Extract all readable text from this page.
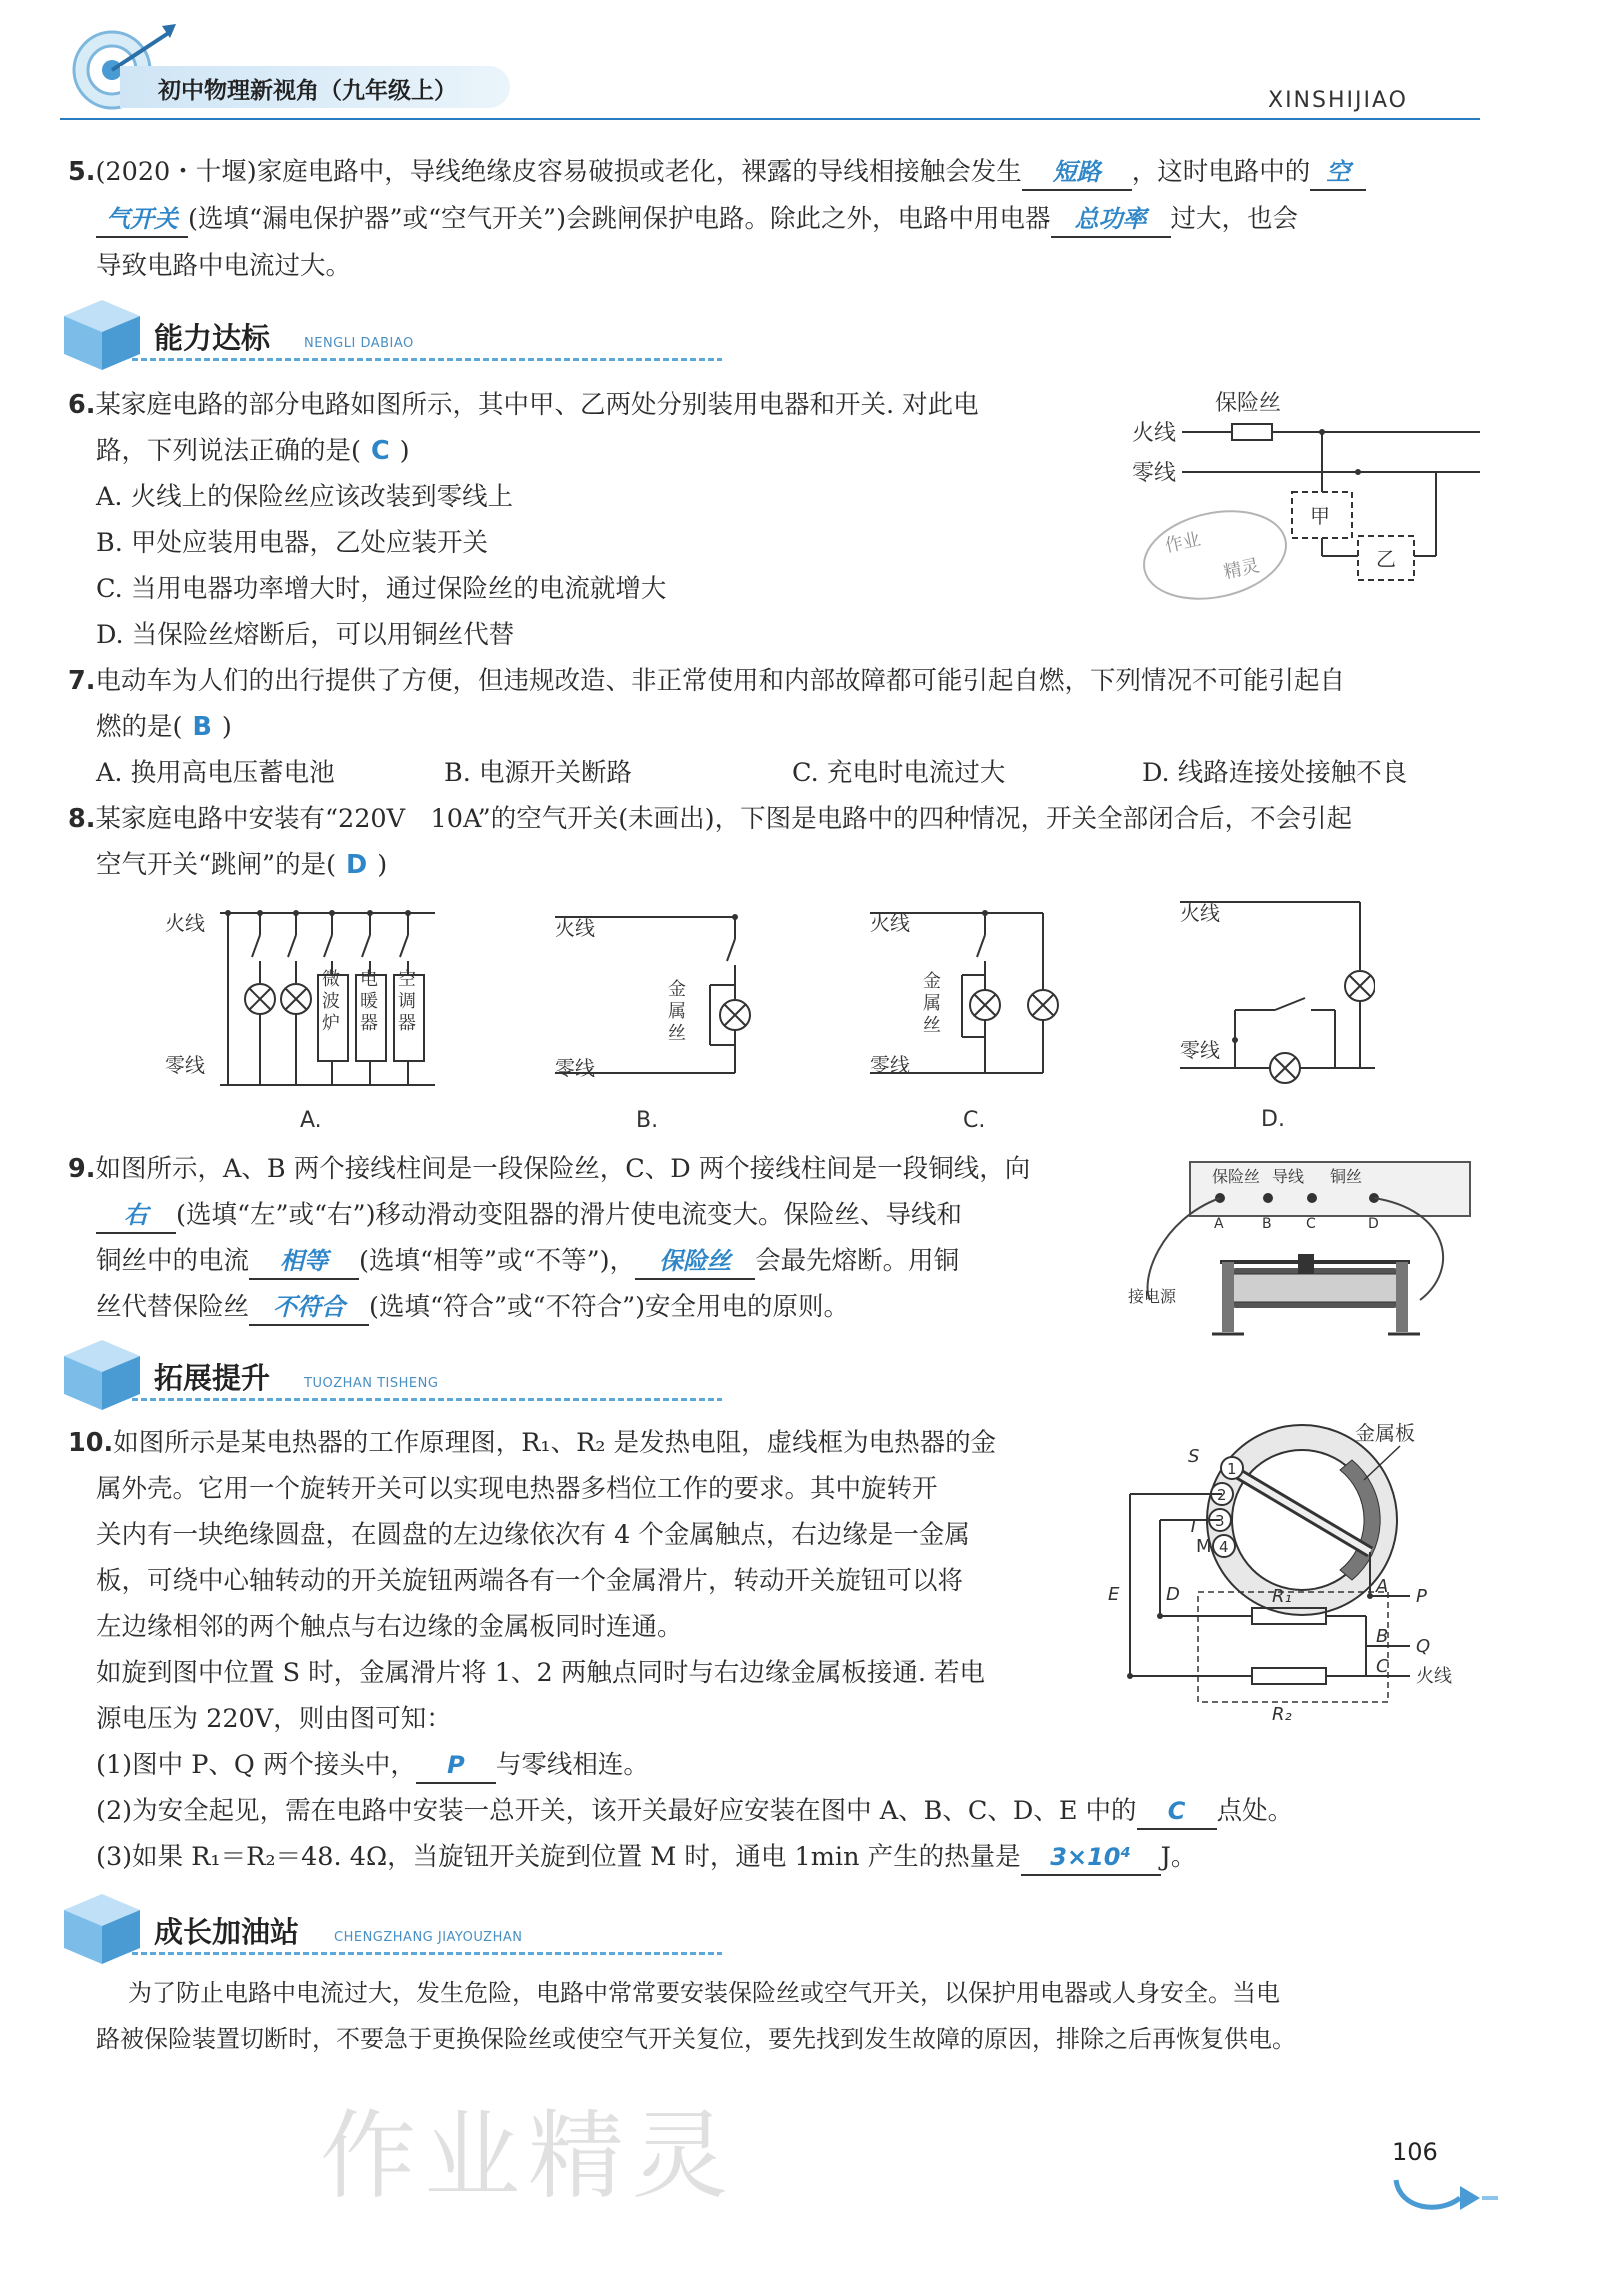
初中物理新视角（九年级上）	XINSHIJIAO
5.(2020・十堰)家庭电路中，导线绝缘皮容易破损或老化，裸露的导线相接触会发生 短路 ，这时电路中的 空
气开关 (选填“漏电保护器”或“空气开关”)会跳闸保护电路。除此之外，电路中用电器 总功率 过大，也会
导致电路中电流过大。
能力达标	NENGLI DABIAO
6.某家庭电路的部分电路如图所示，其中甲、乙两处分别装用电器和开关. 对此电
路，下列说法正确的是( C )
A. 火线上的保险丝应该改装到零线上
B. 甲处应装用电器，乙处应装开关
C. 当用电器功率增大时，通过保险丝的电流就增大
D. 当保险丝熔断后，可以用铜丝代替
保险丝
火线
零线
甲
乙
作业
精灵
7.电动车为人们的出行提供了方便，但违规改造、非正常使用和内部故障都可能引起自燃，下列情况不可能引起自
燃的是( B )
A. 换用高电压蓄电池	B. 电源开关断路	C. 充电时电流过大	D. 线路连接处接触不良
8.某家庭电路中安装有“220V　10A”的空气开关(未画出)，下图是电路中的四种情况，开关全部闭合后，不会引起
空气开关“跳闸”的是( D )
火线
零线
微波炉
电暖器
空调器
A.
火线
零线
金属丝
B.
火线
零线
金属丝
C.
火线
零线
D.
9.如图所示，A、B 两个接线柱间是一段保险丝，C、D 两个接线柱间是一段铜线，向
右 (选填“左”或“右”)移动滑动变阻器的滑片使电流变大。保险丝、导线和
铜丝中的电流 相等 (选填“相等”或“不等”)， 保险丝 会最先熔断。用铜
丝代替保险丝 不符合 (选填“符合”或“不符合”)安全用电的原则。
保险丝 导线 铜丝
A	B C	D
接电源
拓展提升	TUOZHAN TISHENG
10.如图所示是某电热器的工作原理图，R₁、R₂ 是发热电阻，虚线框为电热器的金
属外壳。它用一个旋转开关可以实现电热器多档位工作的要求。其中旋转开
关内有一块绝缘圆盘，在圆盘的左边缘依次有 4 个金属触点，右边缘是一金属
板，可绕中心轴转动的开关旋钮两端各有一个金属滑片，转动开关旋钮可以将
左边缘相邻的两个触点与右边缘的金属板同时连通。
如旋到图中位置 S 时，金属滑片将 1、2 两触点同时与右边缘金属板接通. 若电
源电压为 220V，则由图可知：
(1)图中 P、Q 两个接头中， P 与零线相连。
(2)为安全起见，需在电路中安装一总开关，该开关最好应安装在图中 A、B、C、D、E 中的 C 点处。
(3)如果 R₁＝R₂＝48. 4Ω，当旋钮开关旋到位置 M 时，通电 1min 产生的热量是 3×10⁴ J。
1
2
3
4
金属板
S
T
M
E	D	R₁
R₂
A
B
C
P
Q
火线
成长加油站	CHENGZHANG JIAYOUZHAN
为了防止电路中电流过大，发生危险，电路中常常要安装保险丝或空气开关，以保护用电器或人身安全。当电
路被保险装置切断时，不要急于更换保险丝或使空气开关复位，要先找到发生故障的原因，排除之后再恢复供电。
作业精灵	106
